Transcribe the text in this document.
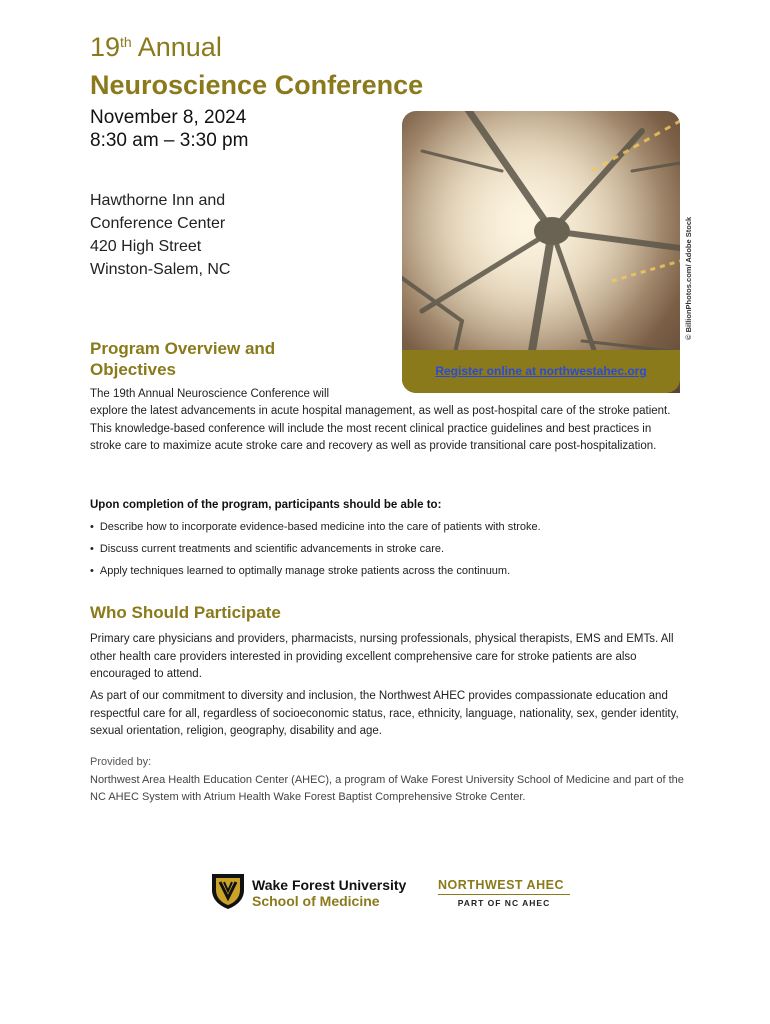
19th Annual
Neuroscience Conference
November 8, 2024
8:30 am – 3:30 pm
Hawthorne Inn and
Conference Center
420 High Street
Winston-Salem, NC
Register online at northwestahec.org
© BillionPhotos.com/ Adobe Stock
Program Overview and
Objectives
The 19th Annual Neuroscience Conference will
explore the latest advancements in acute hospital management, as well as post-hospital care of the stroke patient. This knowledge-based conference will include the most recent clinical practice guidelines and best practices in stroke care to maximize acute stroke care and recovery as well as provide transitional care post-hospitalization.
Upon completion of the program, participants should be able to:
• Describe how to incorporate evidence-based medicine into the care of patients with stroke.
• Discuss current treatments and scientific advancements in stroke care.
• Apply techniques learned to optimally manage stroke patients across the continuum.
Who Should Participate
Primary care physicians and providers, pharmacists, nursing professionals, physical therapists, EMS and EMTs. All other health care providers interested in providing excellent comprehensive care for stroke patients are also encouraged to attend.
As part of our commitment to diversity and inclusion, the Northwest AHEC provides compassionate education and respectful care for all, regardless of socioeconomic status, race, ethnicity, language, nationality, sex, gender identity, sexual orientation, religion, geography, disability and age.
Provided by:
Northwest Area Health Education Center (AHEC), a program of Wake Forest University School of Medicine and part of the NC AHEC System with Atrium Health Wake Forest Baptist Comprehensive Stroke Center.
Wake Forest University
School of Medicine
NORTHWEST AHEC
PART OF NC AHEC
